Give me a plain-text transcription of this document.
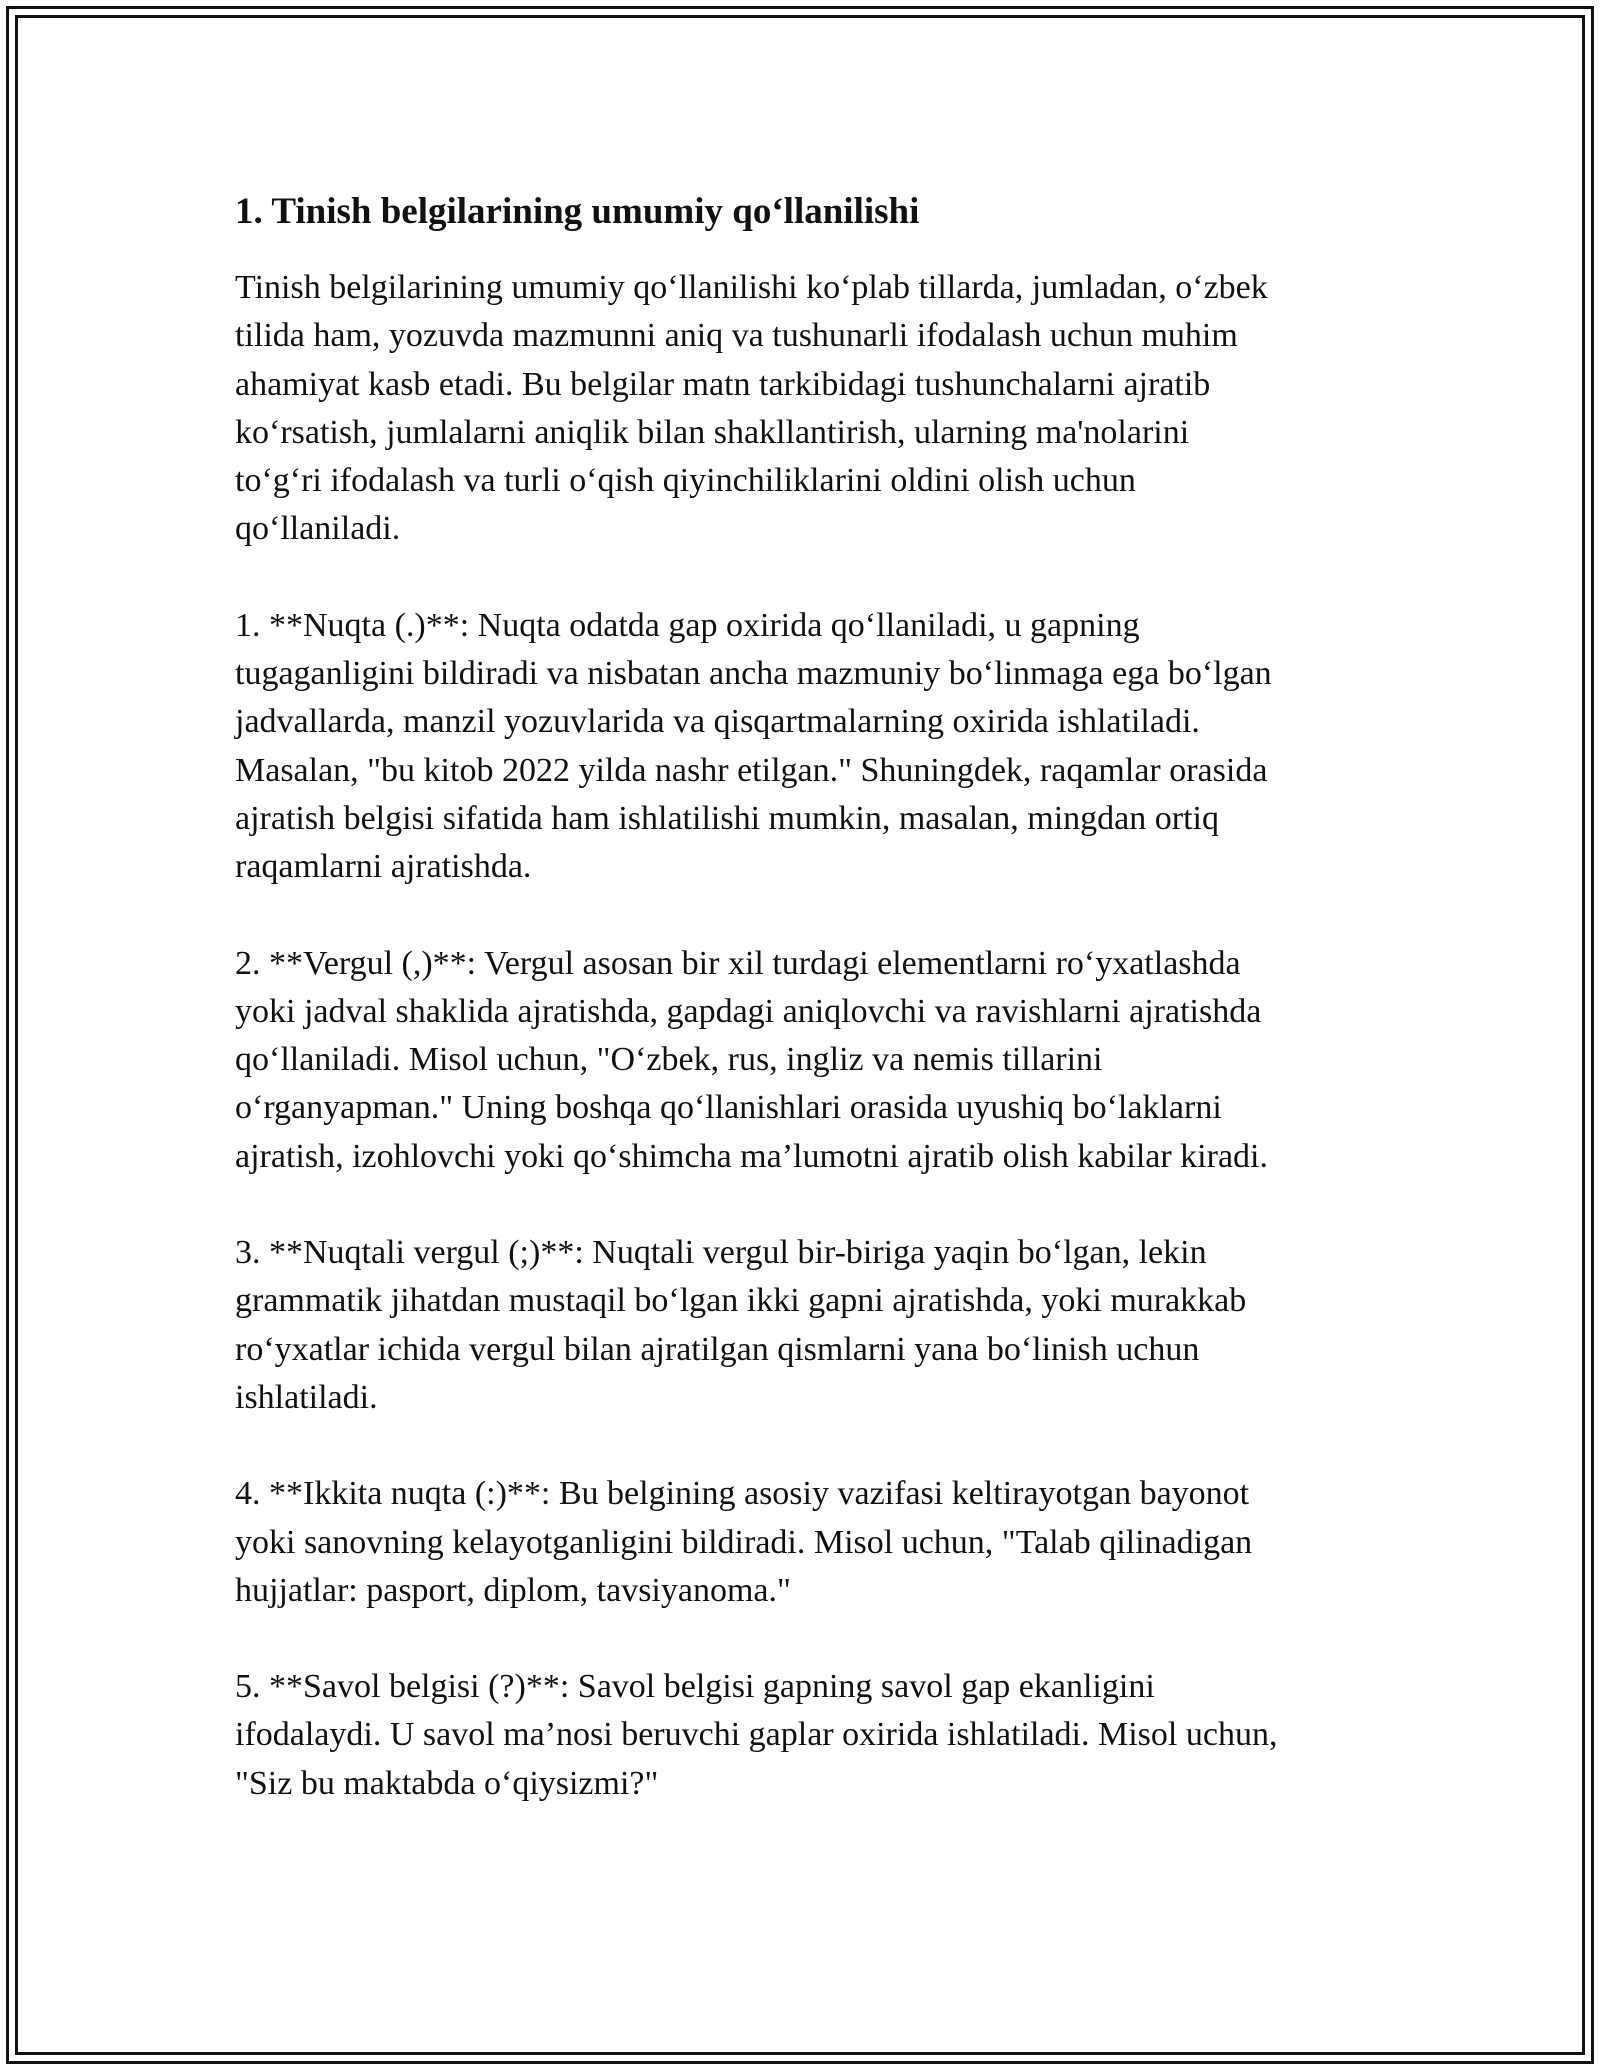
1. Tinish belgilarining umumiy qo‘llanilishi

Tinish belgilarining umumiy qo‘llanilishi ko‘plab tillarda, jumladan, o‘zbek
tilida ham, yozuvda mazmunni aniq va tushunarli ifodalash uchun muhim
ahamiyat kasb etadi. Bu belgilar matn tarkibidagi tushunchalarni ajratib
ko‘rsatish, jumlalarni aniqlik bilan shakllantirish, ularning ma'nolarini
to‘g‘ri ifodalash va turli o‘qish qiyinchiliklarini oldini olish uchun
qo‘llaniladi.

1. **Nuqta (.)**: Nuqta odatda gap oxirida qo‘llaniladi, u gapning
tugaganligini bildiradi va nisbatan ancha mazmuniy bo‘linmaga ega bo‘lgan
jadvallarda, manzil yozuvlarida va qisqartmalarning oxirida ishlatiladi.
Masalan, "bu kitob 2022 yilda nashr etilgan." Shuningdek, raqamlar orasida
ajratish belgisi sifatida ham ishlatilishi mumkin, masalan, mingdan ortiq
raqamlarni ajratishda.

2. **Vergul (,)**: Vergul asosan bir xil turdagi elementlarni ro‘yxatlashda
yoki jadval shaklida ajratishda, gapdagi aniqlovchi va ravishlarni ajratishda
qo‘llaniladi. Misol uchun, "O‘zbek, rus, ingliz va nemis tillarini
o‘rganyapman." Uning boshqa qo‘llanishlari orasida uyushiq bo‘laklarni
ajratish, izohlovchi yoki qo‘shimcha ma’lumotni ajratib olish kabilar kiradi.

3. **Nuqtali vergul (;)**: Nuqtali vergul bir-biriga yaqin bo‘lgan, lekin
grammatik jihatdan mustaqil bo‘lgan ikki gapni ajratishda, yoki murakkab
ro‘yxatlar ichida vergul bilan ajratilgan qismlarni yana bo‘linish uchun
ishlatiladi.

4. **Ikkita nuqta (:)**: Bu belgining asosiy vazifasi keltirayotgan bayonot
yoki sanovning kelayotganligini bildiradi. Misol uchun, "Talab qilinadigan
hujjatlar: pasport, diplom, tavsiyanoma."

5. **Savol belgisi (?)**: Savol belgisi gapning savol gap ekanligini
ifodalaydi. U savol ma’nosi beruvchi gaplar oxirida ishlatiladi. Misol uchun,
"Siz bu maktabda o‘qiysizmi?"
